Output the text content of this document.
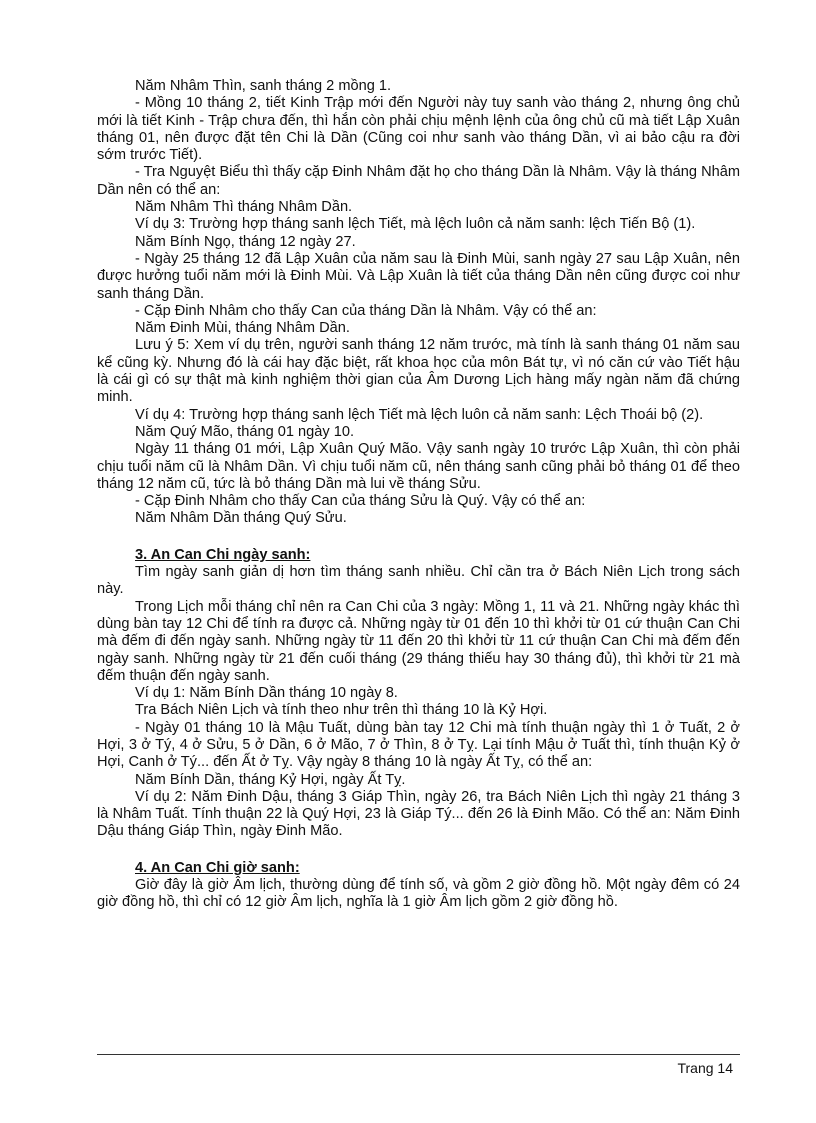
Năm Nhâm Thìn, sanh tháng 2 mồng 1.

- Mồng 10 tháng 2, tiết Kinh Trập mới đến Người này tuy sanh vào tháng 2, nhưng ông chủ mới là tiết Kinh - Trập chưa đến, thì hắn còn phải chịu mệnh lệnh của ông chủ cũ mà tiết Lập Xuân tháng 01, nên được đặt tên Chi là Dần (Cũng coi như sanh vào tháng Dần, vì ai bảo cậu ra đời sớm trước Tiết).

- Tra Nguyệt Biểu thì thấy cặp Đinh Nhâm đặt họ cho tháng Dần là Nhâm. Vậy là tháng Nhâm Dần nên có thể an:

Năm Nhâm Thì tháng Nhâm Dần.

Ví dụ 3: Trường hợp tháng sanh lệch Tiết, mà lệch luôn cả năm sanh: lệch Tiến Bộ (1).

Năm Bính Ngọ, tháng 12 ngày 27.

- Ngày 25 tháng 12 đã Lập Xuân của năm sau là Đinh Mùi, sanh ngày 27 sau Lập Xuân, nên được hưởng tuổi năm mới là Đinh Mùi. Và Lập Xuân là tiết của tháng Dần nên cũng được coi như sanh tháng Dần.

- Cặp Đinh Nhâm cho thấy Can của tháng Dần là Nhâm. Vậy có thể an:

Năm Đinh Mùi, tháng Nhâm Dần.

Lưu ý 5: Xem ví dụ trên, người sanh tháng 12 năm trước, mà tính là sanh tháng 01 năm sau kể cũng kỳ. Nhưng đó là cái hay đặc biệt, rất khoa học của môn Bát tự, vì nó căn cứ vào Tiết hậu là cái gì có sự thật mà kinh nghiệm thời gian của Âm Dương Lịch hàng mấy ngàn năm đã chứng minh.

Ví dụ 4: Trường hợp tháng sanh lệch Tiết mà lệch luôn cả năm sanh: Lệch Thoái bộ (2).

Năm Quý Mão, tháng 01 ngày 10.

Ngày 11 tháng 01 mới, Lập Xuân Quý Mão. Vậy sanh ngày 10 trước Lập Xuân, thì còn phải chịu tuổi năm cũ là Nhâm Dần. Vì chịu tuổi năm cũ, nên tháng sanh cũng phải bỏ tháng 01 để theo tháng 12 năm cũ, tức là bỏ tháng Dần mà lui về tháng Sửu.

- Cặp Đinh Nhâm cho thấy Can của tháng Sửu là Quý. Vậy có thể an:

Năm Nhâm Dần tháng Quý Sửu.

3. An Can Chi ngày sanh:

Tìm ngày sanh giản dị hơn tìm tháng sanh nhiều. Chỉ cần tra ở Bách Niên Lịch trong sách này.

Trong Lịch mỗi tháng chỉ nên ra Can Chi của 3 ngày: Mồng 1, 11 và 21. Những ngày khác thì dùng bàn tay 12 Chi để tính ra được cả. Những ngày từ 01 đến 10 thì khởi từ 01 cứ thuận Can Chi mà đếm đi đến ngày sanh. Những ngày từ 11 đến 20 thì khởi từ 11 cứ thuận Can Chi mà đếm đến ngày sanh. Những ngày từ 21 đến cuối tháng (29 tháng thiếu hay 30 tháng đủ), thì khởi từ 21 mà đếm thuận đến ngày sanh.

Ví dụ 1: Năm Bính Dần tháng 10 ngày 8.

Tra Bách Niên Lịch và tính theo như trên thì tháng 10 là Kỷ Hợi.

- Ngày 01 tháng 10 là Mậu Tuất, dùng bàn tay 12 Chi mà tính thuận ngày thì 1 ở Tuất, 2 ở Hợi, 3 ở Tý, 4 ở Sửu, 5 ở Dần, 6 ở Mão, 7 ở Thìn, 8 ở Tỵ. Lại tính Mậu ở Tuất thì, tính thuận Kỷ ở Hợi, Canh ở Tý... đến Ất ở Tỵ. Vậy ngày 8 tháng 10 là ngày Ất Tỵ, có thể an:

Năm Bính Dần, tháng Kỷ Hợi, ngày Ất Tỵ.

Ví dụ 2: Năm Đinh Dậu, tháng 3 Giáp Thìn, ngày 26, tra Bách Niên Lịch thì ngày 21 tháng 3 là Nhâm Tuất. Tính thuận 22 là Quý Hợi, 23 là Giáp Tý... đến 26 là Đinh Mão. Có thể an: Năm Đinh Dậu tháng Giáp Thìn, ngày Đinh Mão.

4. An Can Chi giờ sanh:

Giờ đây là giờ Âm lịch, thường dùng để tính số, và gồm 2 giờ đồng hồ. Một ngày đêm có 24 giờ đồng hồ, thì chỉ có 12 giờ Âm lịch, nghĩa là 1 giờ Âm lịch gồm 2 giờ đồng hồ.

Trang 14
